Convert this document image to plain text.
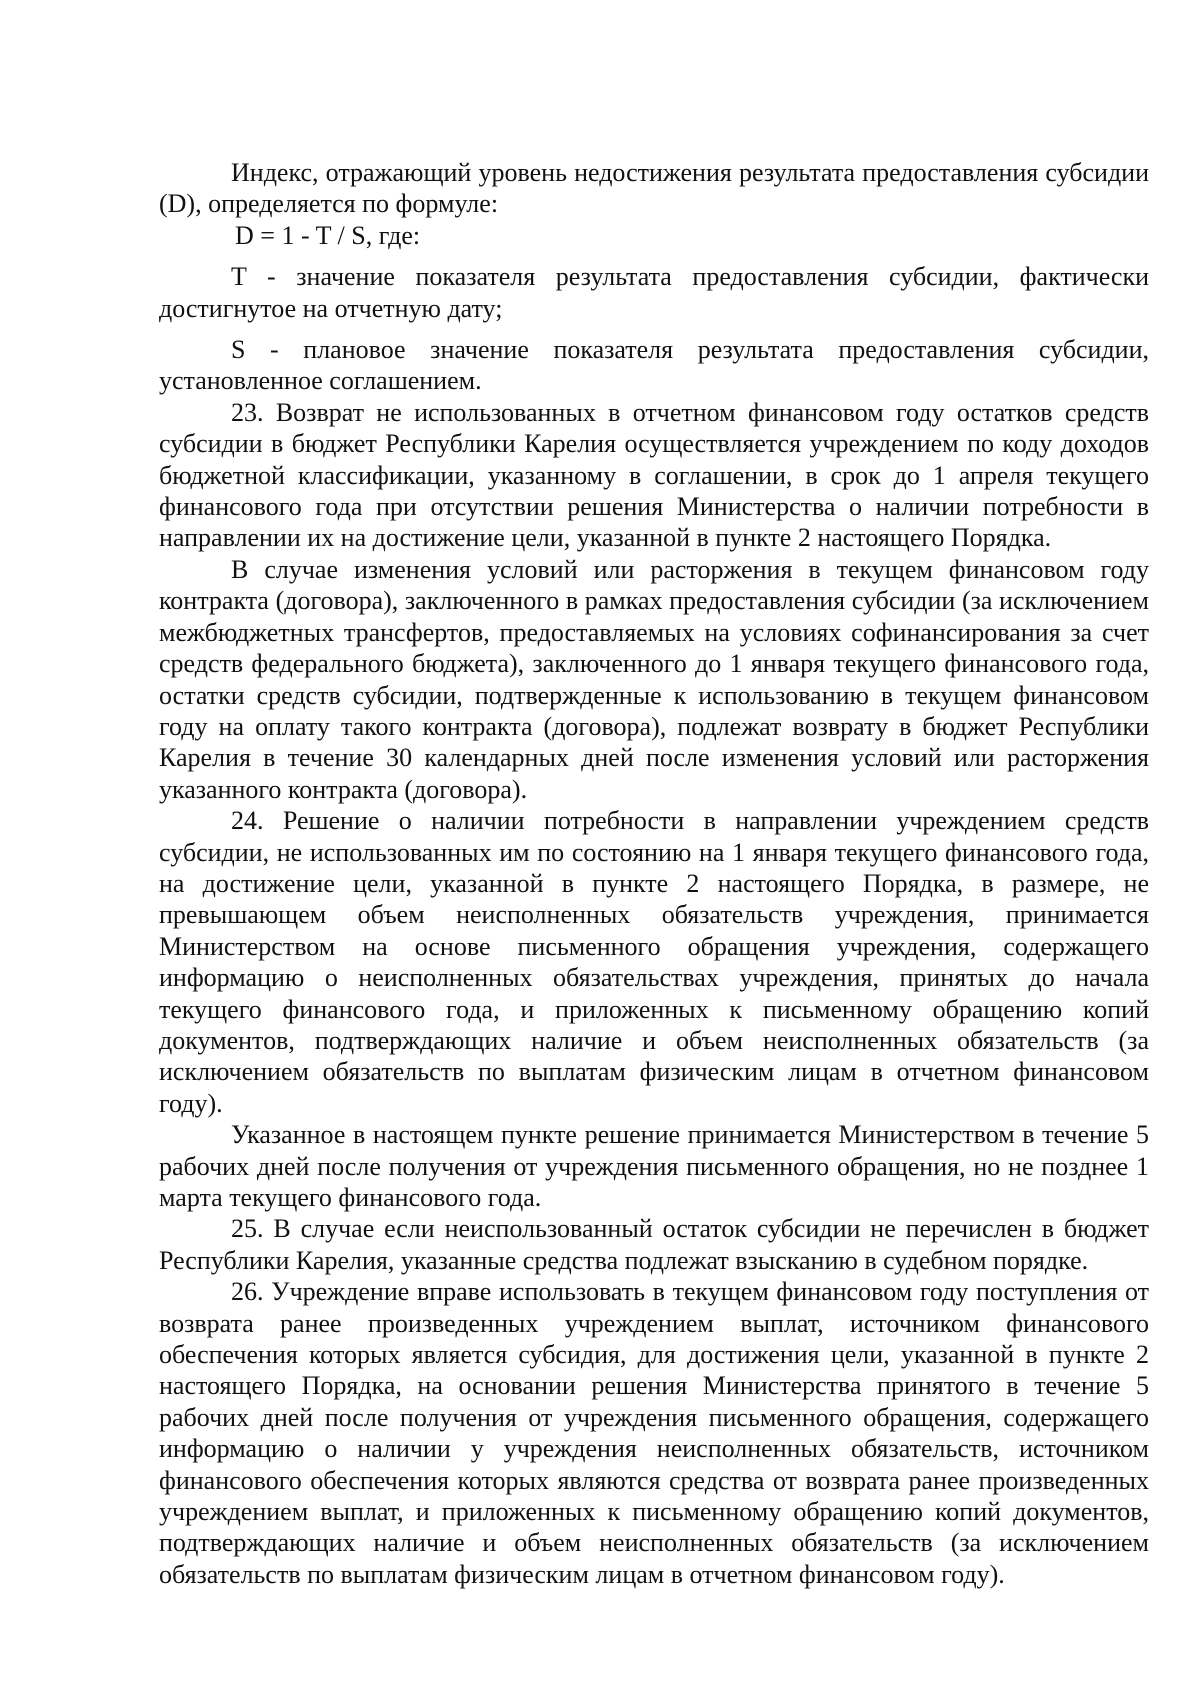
Индекс, отражающий уровень недостижения результата предоставления субсидии (D), определяется по формуле:

D = 1 - T / S, где:

T - значение показателя результата предоставления субсидии, фактически достигнутое на отчетную дату;

S - плановое значение показателя результата предоставления субсидии, установленное соглашением.

23. Возврат не использованных в отчетном финансовом году остатков средств субсидии в бюджет Республики Карелия осуществляется учреждением по коду доходов бюджетной классификации, указанному в соглашении, в срок до 1 апреля текущего финансового года при отсутствии решения Министерства о наличии потребности в направлении их на достижение цели, указанной в пункте 2 настоящего Порядка.

В случае изменения условий или расторжения в текущем финансовом году контракта (договора), заключенного в рамках предоставления субсидии (за исключением межбюджетных трансфертов, предоставляемых на условиях софинансирования за счет средств федерального бюджета), заключенного до 1 января текущего финансового года, остатки средств субсидии, подтвержденные к использованию в текущем финансовом году на оплату такого контракта (договора), подлежат возврату в бюджет Республики Карелия в течение 30 календарных дней после изменения условий или расторжения указанного контракта (договора).

24. Решение о наличии потребности в направлении учреждением средств субсидии, не использованных им по состоянию на 1 января текущего финансового года, на достижение цели, указанной в пункте 2 настоящего Порядка, в размере, не превышающем объем неисполненных обязательств учреждения, принимается Министерством на основе письменного обращения учреждения, содержащего информацию о неисполненных обязательствах учреждения, принятых до начала текущего финансового года, и приложенных к письменному обращению копий документов, подтверждающих наличие и объем неисполненных обязательств (за исключением обязательств по выплатам физическим лицам в отчетном финансовом году).

Указанное в настоящем пункте решение принимается Министерством в течение 5 рабочих дней после получения от учреждения письменного обращения, но не позднее 1 марта текущего финансового года.

25. В случае если неиспользованный остаток субсидии не перечислен в бюджет Республики Карелия, указанные средства подлежат взысканию в судебном порядке.

26. Учреждение вправе использовать в текущем финансовом году поступления от возврата ранее произведенных учреждением выплат, источником финансового обеспечения которых является субсидия, для достижения цели, указанной в пункте 2 настоящего Порядка, на основании решения Министерства принятого в течение 5 рабочих дней после получения от учреждения письменного обращения, содержащего информацию о наличии у учреждения неисполненных обязательств, источником финансового обеспечения которых являются средства от возврата ранее произведенных учреждением выплат, и приложенных к письменному обращению копий документов, подтверждающих наличие и объем неисполненных обязательств (за исключением обязательств по выплатам физическим лицам в отчетном финансовом году).
